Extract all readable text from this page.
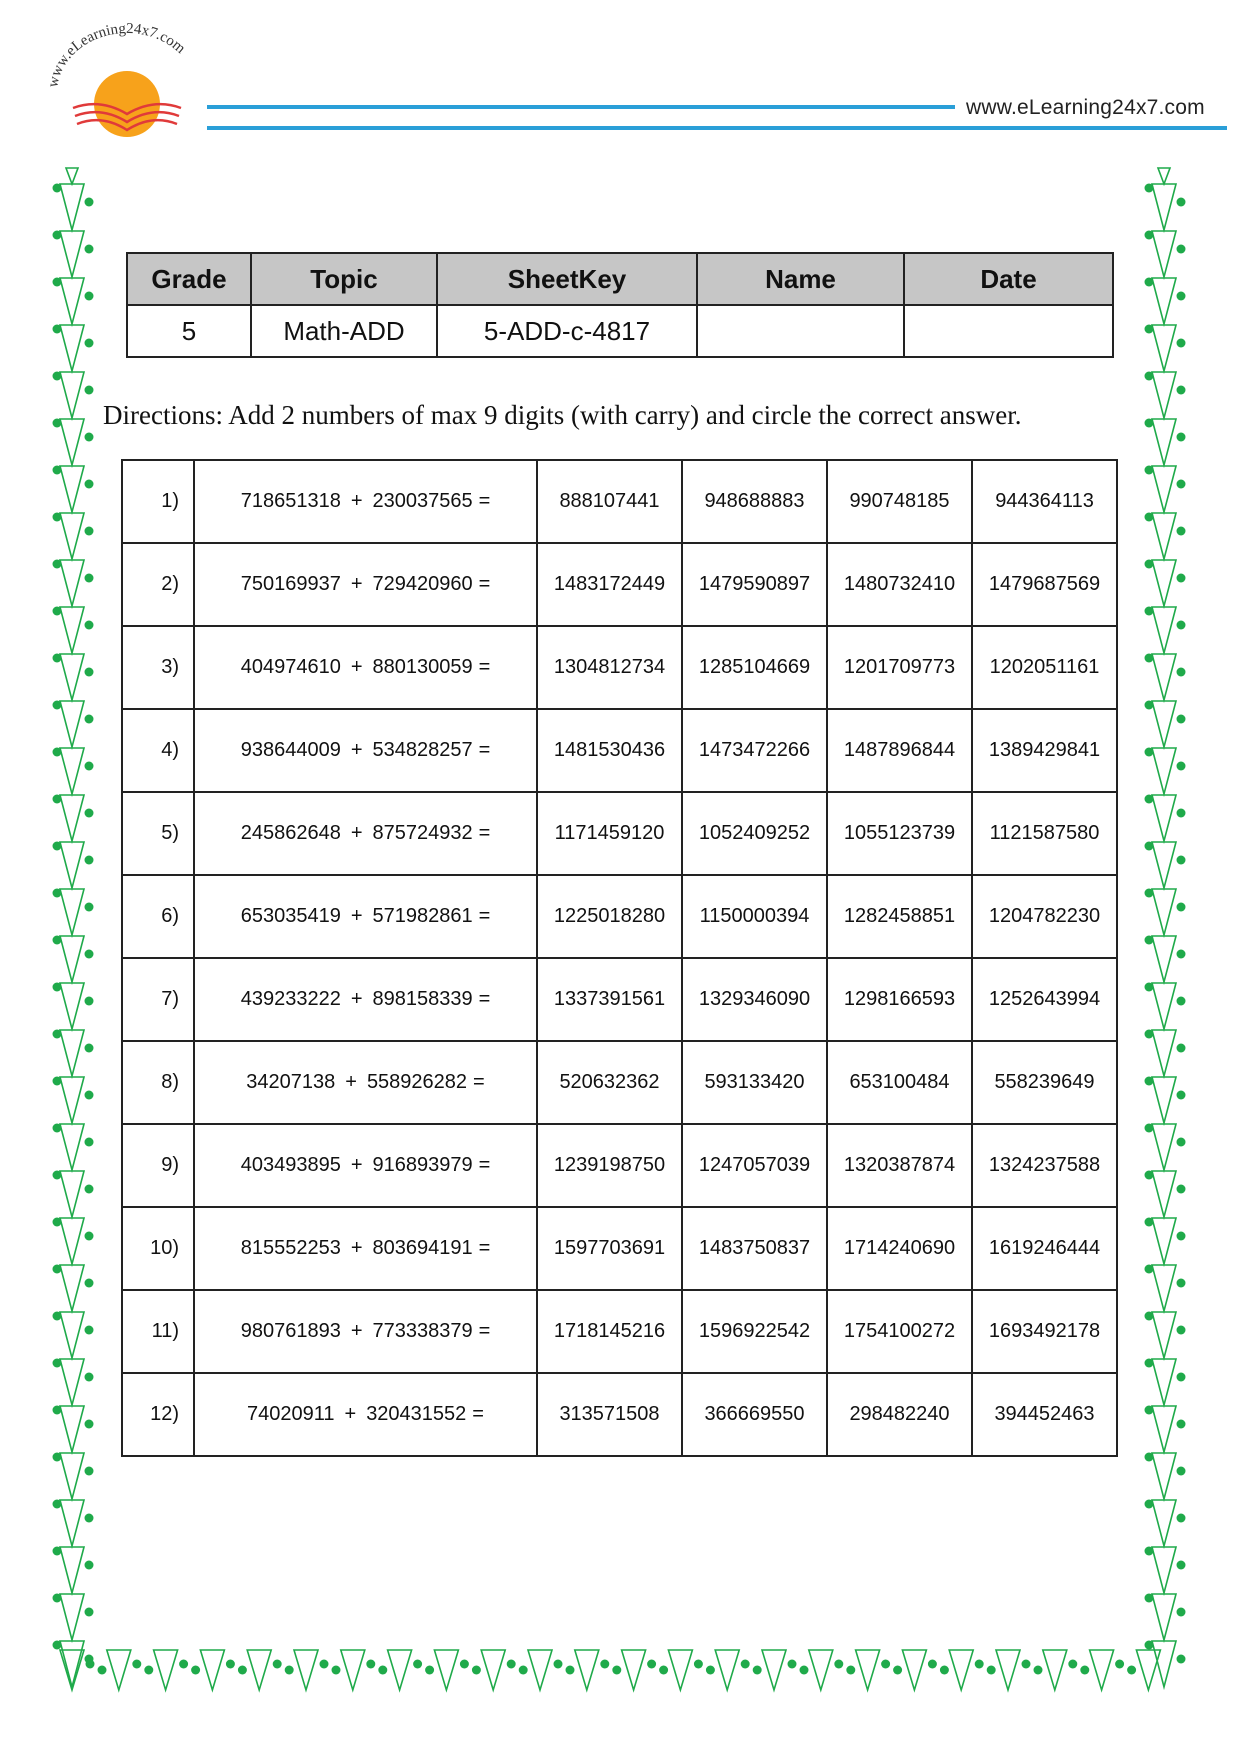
www.eLearning24x7.com
www.eLearning24x7.com
Grade	Topic	SheetKey	Name	Date
5	Math-ADD	5-ADD-c-4817		
Directions: Add 2 numbers of max 9 digits (with carry) and circle the correct answer.
1)	718651318 + 230037565 =	888107441	948688883	990748185	944364113
2)	750169937 + 729420960 =	1483172449	1479590897	1480732410	1479687569
3)	404974610 + 880130059 =	1304812734	1285104669	1201709773	1202051161
4)	938644009 + 534828257 =	1481530436	1473472266	1487896844	1389429841
5)	245862648 + 875724932 =	1171459120	1052409252	1055123739	1121587580
6)	653035419 + 571982861 =	1225018280	1150000394	1282458851	1204782230
7)	439233222 + 898158339 =	1337391561	1329346090	1298166593	1252643994
8)	34207138 + 558926282 =	520632362	593133420	653100484	558239649
9)	403493895 + 916893979 =	1239198750	1247057039	1320387874	1324237588
10)	815552253 + 803694191 =	1597703691	1483750837	1714240690	1619246444
11)	980761893 + 773338379 =	1718145216	1596922542	1754100272	1693492178
12)	74020911 + 320431552 =	313571508	366669550	298482240	394452463
